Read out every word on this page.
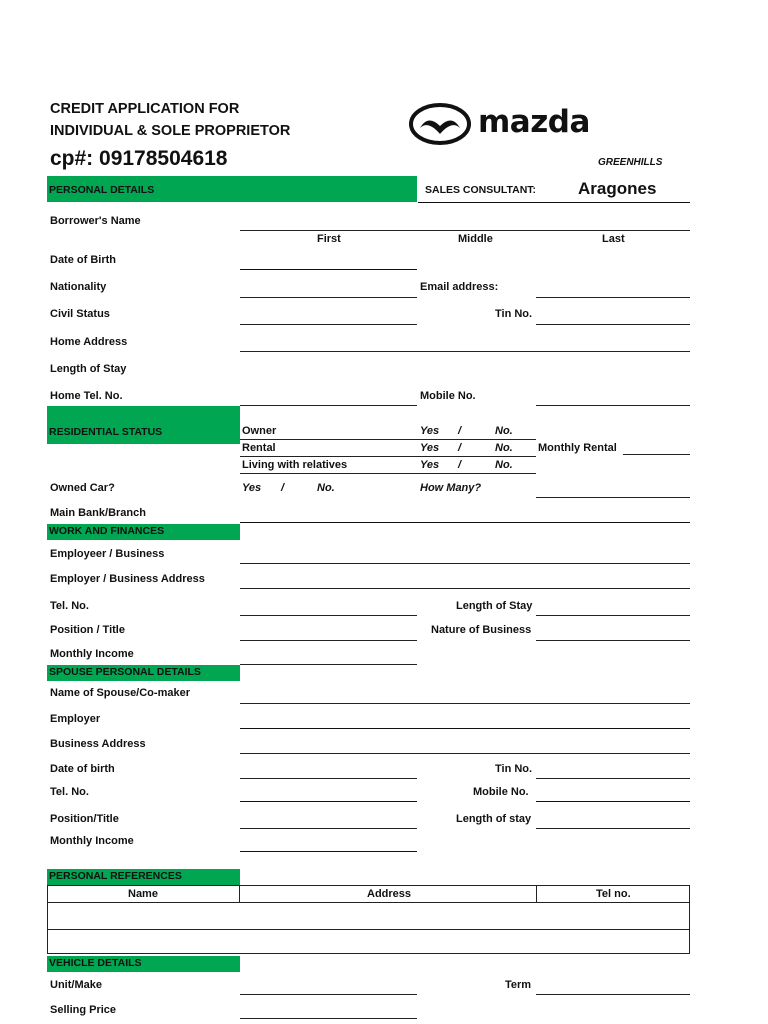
CREDIT APPLICATION FOR
INDIVIDUAL & SOLE PROPRIETOR
cp#: 09178504618
mazda
GREENHILLS
PERSONAL DETAILS	SALES CONSULTANT: Aragones
Borrower's Name
First	Middle	Last
Date of Birth
Nationality	Email address:
Civil Status	Tin No.
Home Address
Length of Stay
Home Tel. No.	Mobile No.
RESIDENTIAL STATUS	Owner	Yes /	No.
Rental	Yes /	No. Monthly Rental
Living with relatives	Yes /	No.
Owned Car?	Yes /	No.	How Many?
Main Bank/Branch
WORK AND FINANCES
Employeer / Business
Employer / Business Address
Tel. No.	Length of Stay
Position / Title	Nature of Business
Monthly Income
SPOUSE PERSONAL DETAILS
Name of Spouse/Co-maker
Employer
Business Address
Date of birth	Tin No.
Tel. No.	Mobile No.
Position/Title	Length of stay
Monthly Income
PERSONAL REFERENCES
Name	Address	Tel no.
VEHICLE DETAILS
Unit/Make	Term
Selling Price
